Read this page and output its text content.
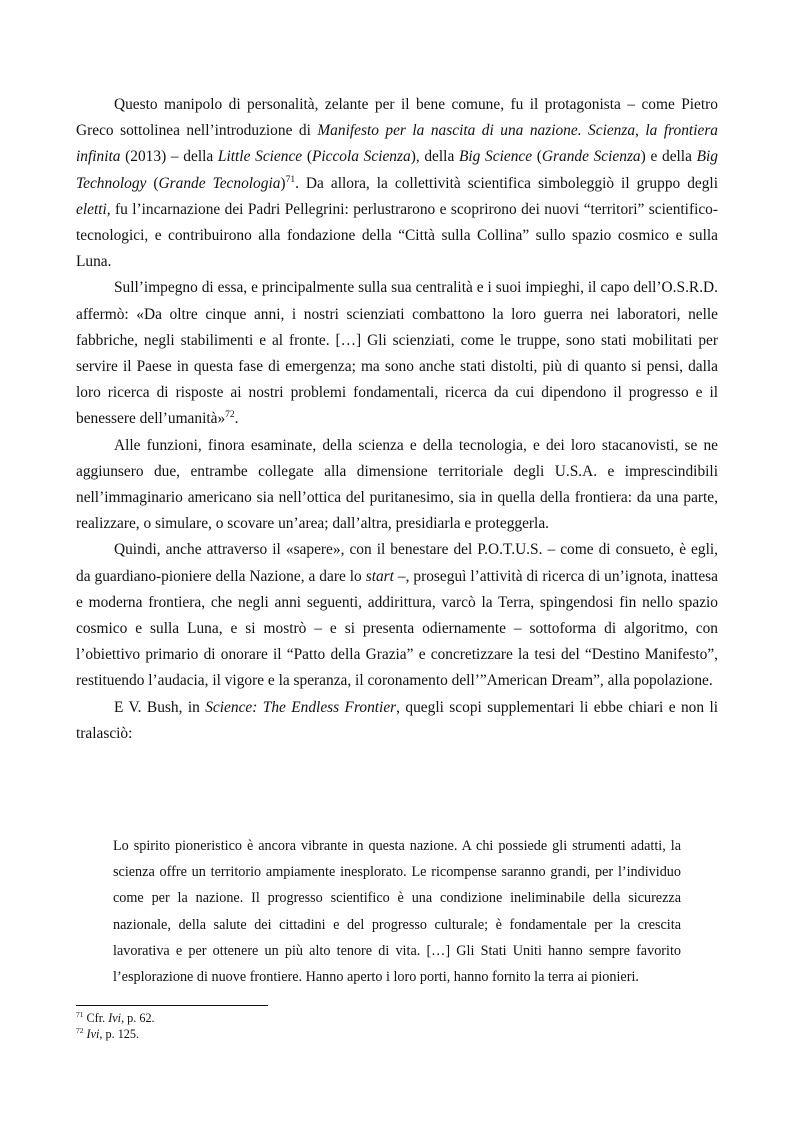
Questo manipolo di personalità, zelante per il bene comune, fu il protagonista – come Pietro Greco sottolinea nell’introduzione di Manifesto per la nascita di una nazione. Scienza, la frontiera infinita (2013) – della Little Science (Piccola Scienza), della Big Science (Grande Scienza) e della Big Technology (Grande Tecnologia)$^{71}$. Da allora, la collettività scientifica simboleggiò il gruppo degli eletti, fu l’incarnazione dei Padri Pellegrini: perlustrarono e scoprirono dei nuovi “territori” scientifico-tecnologici, e contribuirono alla fondazione della “Città sulla Collina” sullo spazio cosmico e sulla Luna.

Sull’impegno di essa, e principalmente sulla sua centralità e i suoi impieghi, il capo dell’O.S.R.D. affermò: «Da oltre cinque anni, i nostri scienziati combattono la loro guerra nei laboratori, nelle fabbriche, negli stabilimenti e al fronte. […] Gli scienziati, come le truppe, sono stati mobilitati per servire il Paese in questa fase di emergenza; ma sono anche stati distolti, più di quanto si pensi, dalla loro ricerca di risposte ai nostri problemi fondamentali, ricerca da cui dipendono il progresso e il benessere dell’umanità»$^{72}$.

Alle funzioni, finora esaminate, della scienza e della tecnologia, e dei loro stacanovisti, se ne aggiunsero due, entrambe collegate alla dimensione territoriale degli U.S.A. e imprescindibili nell’immaginario americano sia nell’ottica del puritanesimo, sia in quella della frontiera: da una parte, realizzare, o simulare, o scovare un’area; dall’altra, presidiarla e proteggerla.

Quindi, anche attraverso il «sapere», con il benestare del P.O.T.U.S. – come di consueto, è egli, da guardiano-pioniere della Nazione, a dare lo start –, proseguì l’attività di ricerca di un’ignota, inattesa e moderna frontiera, che negli anni seguenti, addirittura, varcò la Terra, spingendosi fin nello spazio cosmico e sulla Luna, e si mostrò – e si presenta odiernamente – sottoforma di algoritmo, con l’obiettivo primario di onorare il “Patto della Grazia” e concretizzare la tesi del “Destino Manifesto”, restituendo l’audacia, il vigore e la speranza, il coronamento dell’”American Dream”, alla popolazione.

E V. Bush, in Science: The Endless Frontier, quegli scopi supplementari li ebbe chiari e non li tralasciò:

Lo spirito pioneristico è ancora vibrante in questa nazione. A chi possiede gli strumenti adatti, la scienza offre un territorio ampiamente inesplorato. Le ricompense saranno grandi, per l’individuo come per la nazione. Il progresso scientifico è una condizione ineliminabile della sicurezza nazionale, della salute dei cittadini e del progresso culturale; è fondamentale per la crescita lavorativa e per ottenere un più alto tenore di vita. […] Gli Stati Uniti hanno sempre favorito l’esplorazione di nuove frontiere. Hanno aperto i loro porti, hanno fornito la terra ai pionieri.

$^{71}$ Cfr. Ivi, p. 62.

$^{72}$ Ivi, p. 125.
